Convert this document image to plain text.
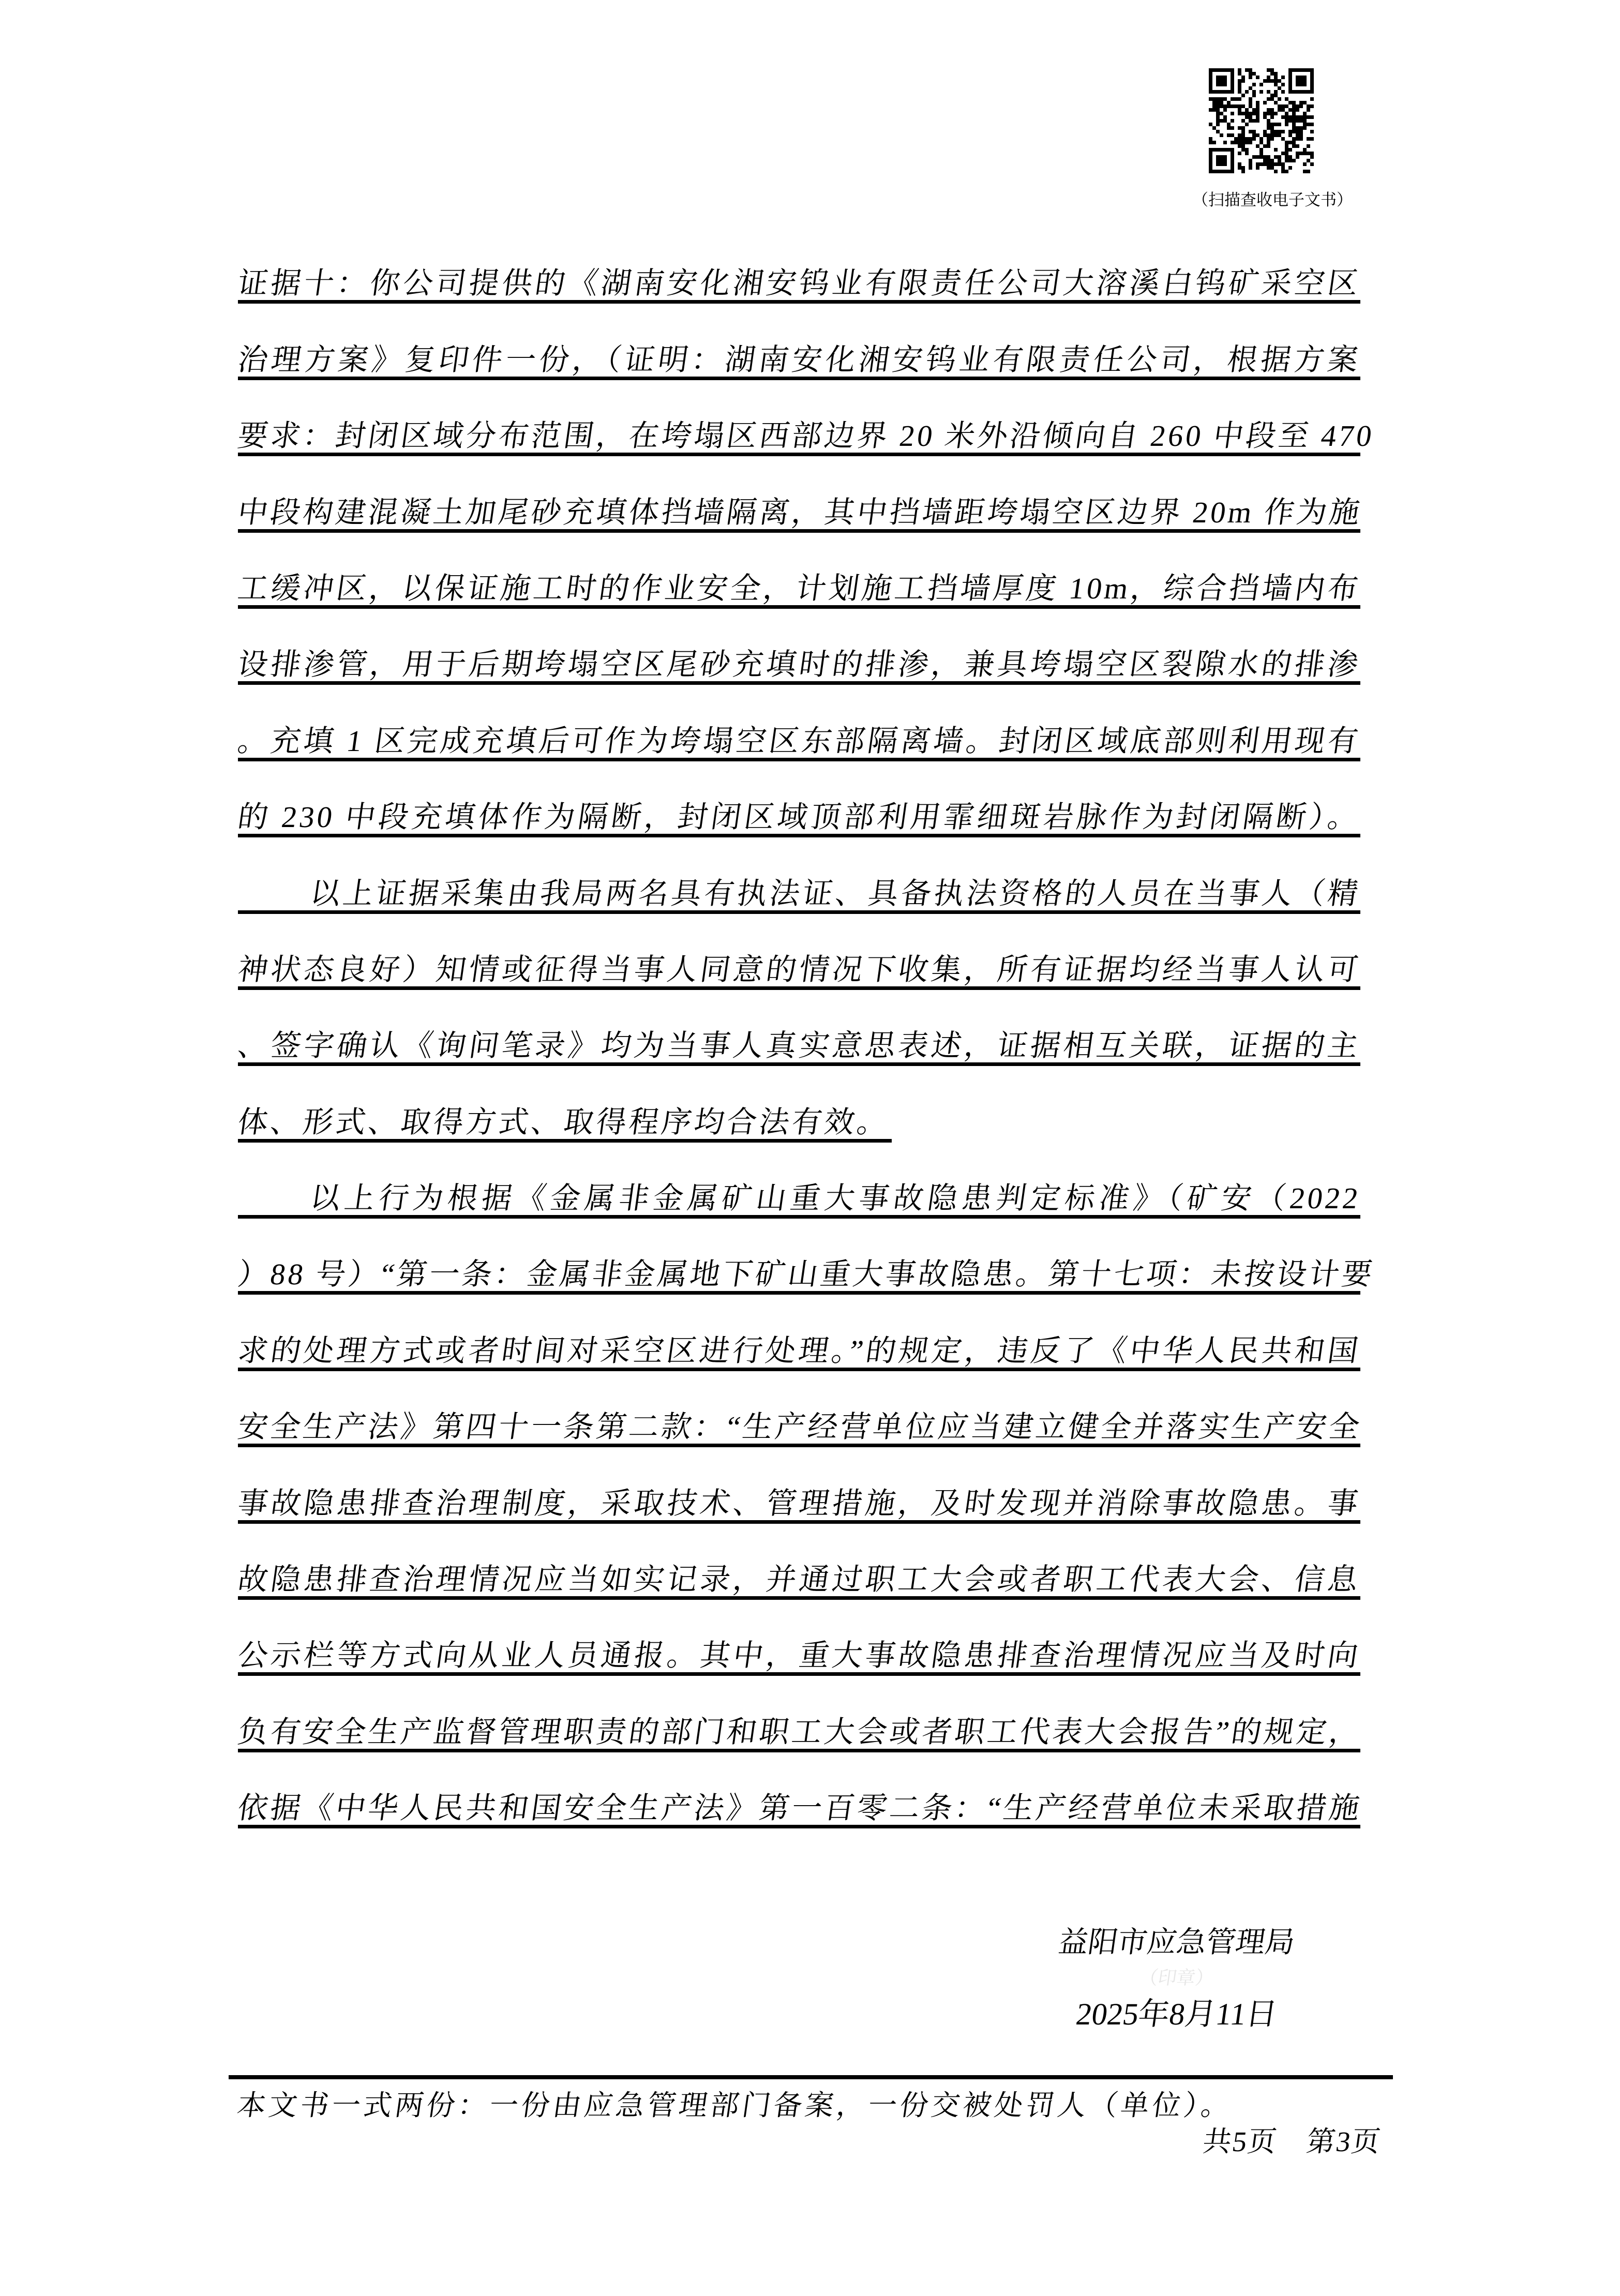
（扫描查收电子文书）
证据十：你公司提供的《湖南安化湘安钨业有限责任公司大溶溪白钨矿采空区
治理方案》复印件一份，（证明：湖南安化湘安钨业有限责任公司，根据方案
要求：封闭区域分布范围，在垮塌区西部边界 20 米外沿倾向自 260 中段至 470
中段构建混凝土加尾砂充填体挡墙隔离，其中挡墙距垮塌空区边界 20m 作为施
工缓冲区，以保证施工时的作业安全，计划施工挡墙厚度 10m，综合挡墙内布
设排渗管，用于后期垮塌空区尾砂充填时的排渗，兼具垮塌空区裂隙水的排渗
。充填 1 区完成充填后可作为垮塌空区东部隔离墙。封闭区域底部则利用现有
的 230 中段充填体作为隔断，封闭区域顶部利用霏细斑岩脉作为封闭隔断）。
以上证据采集由我局两名具有执法证、具备执法资格的人员在当事人（精
神状态良好）知情或征得当事人同意的情况下收集，所有证据均经当事人认可
、签字确认《询问笔录》均为当事人真实意思表述，证据相互关联，证据的主
体、形式、取得方式、取得程序均合法有效。
以上行为根据《金属非金属矿山重大事故隐患判定标准》（矿安（2022
）88 号）“第一条：金属非金属地下矿山重大事故隐患。第十七项：未按设计要
求的处理方式或者时间对采空区进行处理。”的规定，违反了《中华人民共和国
安全生产法》第四十一条第二款：“生产经营单位应当建立健全并落实生产安全
事故隐患排查治理制度，采取技术、管理措施，及时发现并消除事故隐患。事
故隐患排查治理情况应当如实记录，并通过职工大会或者职工代表大会、信息
公示栏等方式向从业人员通报。其中，重大事故隐患排查治理情况应当及时向
负有安全生产监督管理职责的部门和职工大会或者职工代表大会报告”的规定，
依据《中华人民共和国安全生产法》第一百零二条：“生产经营单位未采取措施
益阳市应急管理局
（印章）
2025年8月11日
本文书一式两份：一份由应急管理部门备案，一份交被处罚人（单位）。
共5页　第3页
